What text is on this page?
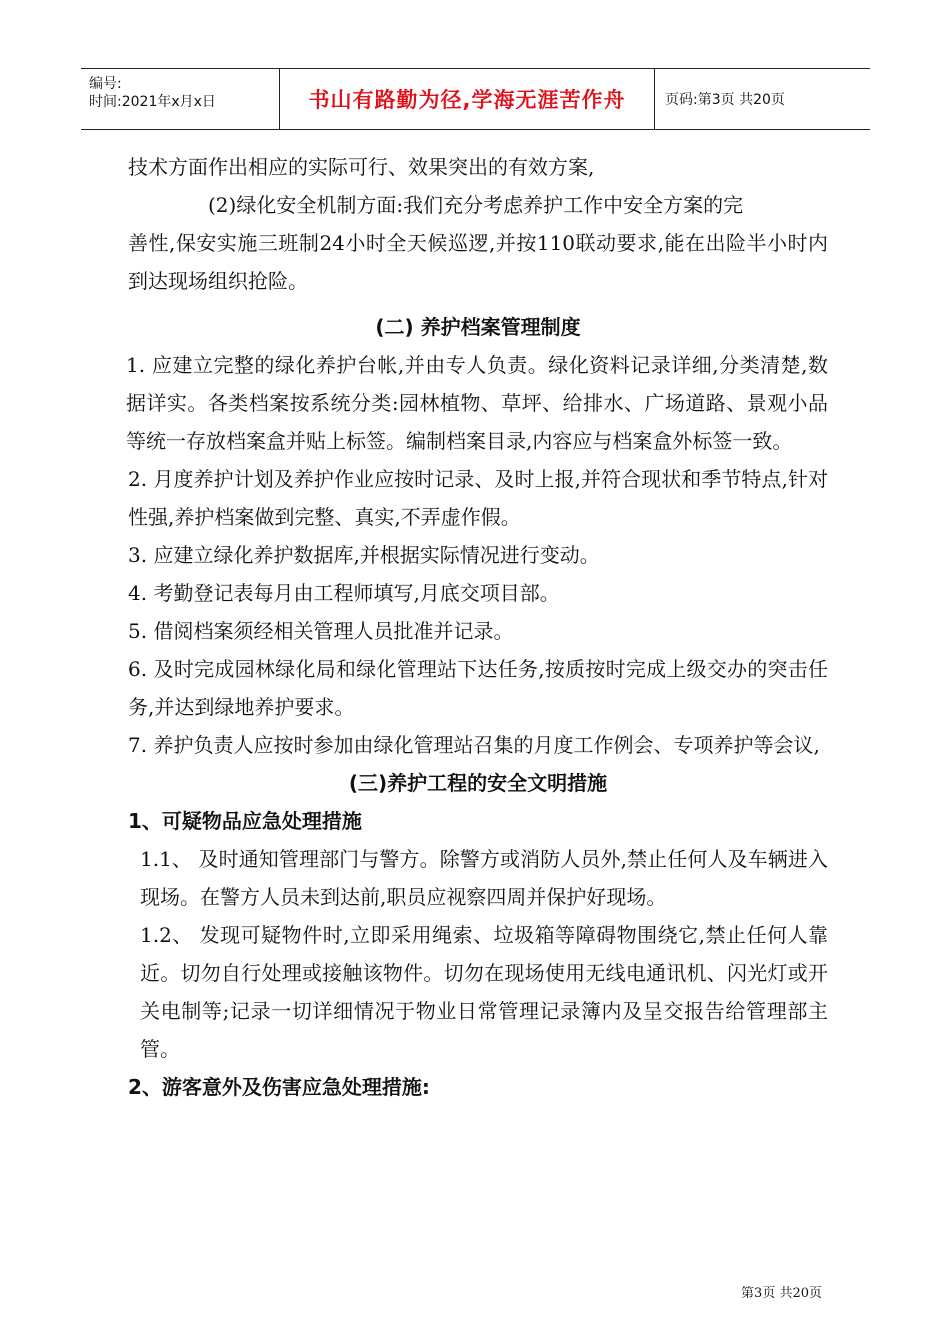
编号:
时间:2021年x月x日	书山有路勤为径,学海无涯苦作舟	页码:第3页 共20页

技术方面作出相应的实际可行、效果突出的有效方案,

(2)绿化安全机制方面:我们充分考虑养护工作中安全方案的完

善性,保安实施三班制24小时全天候巡逻,并按110联动要求,能在出险半小时内到达现场组织抢险。

(二) 养护档案管理制度

1. 应建立完整的绿化养护台帐,并由专人负责。绿化资料记录详细,分类清楚,数据详实。各类档案按系统分类:园林植物、草坪、给排水、广场道路、景观小品等统一存放档案盒并贴上标签。编制档案目录,内容应与档案盒外标签一致。

2. 月度养护计划及养护作业应按时记录、及时上报,并符合现状和季节特点,针对性强,养护档案做到完整、真实,不弄虚作假。

3. 应建立绿化养护数据库,并根据实际情况进行变动。

4. 考勤登记表每月由工程师填写,月底交项目部。

5. 借阅档案须经相关管理人员批准并记录。

6. 及时完成园林绿化局和绿化管理站下达任务,按质按时完成上级交办的突击任务,并达到绿地养护要求。

7. 养护负责人应按时参加由绿化管理站召集的月度工作例会、专项养护等会议,

(三)养护工程的安全文明措施

1、可疑物品应急处理措施

1.1、 及时通知管理部门与警方。除警方或消防人员外,禁止任何人及车辆进入现场。在警方人员未到达前,职员应视察四周并保护好现场。

1.2、 发现可疑物件时,立即采用绳索、垃圾箱等障碍物围绕它,禁止任何人靠近。切勿自行处理或接触该物件。切勿在现场使用无线电通讯机、闪光灯或开关电制等;记录一切详细情况于物业日常管理记录簿内及呈交报告给管理部主管。

2、游客意外及伤害应急处理措施:

第3页 共20页
